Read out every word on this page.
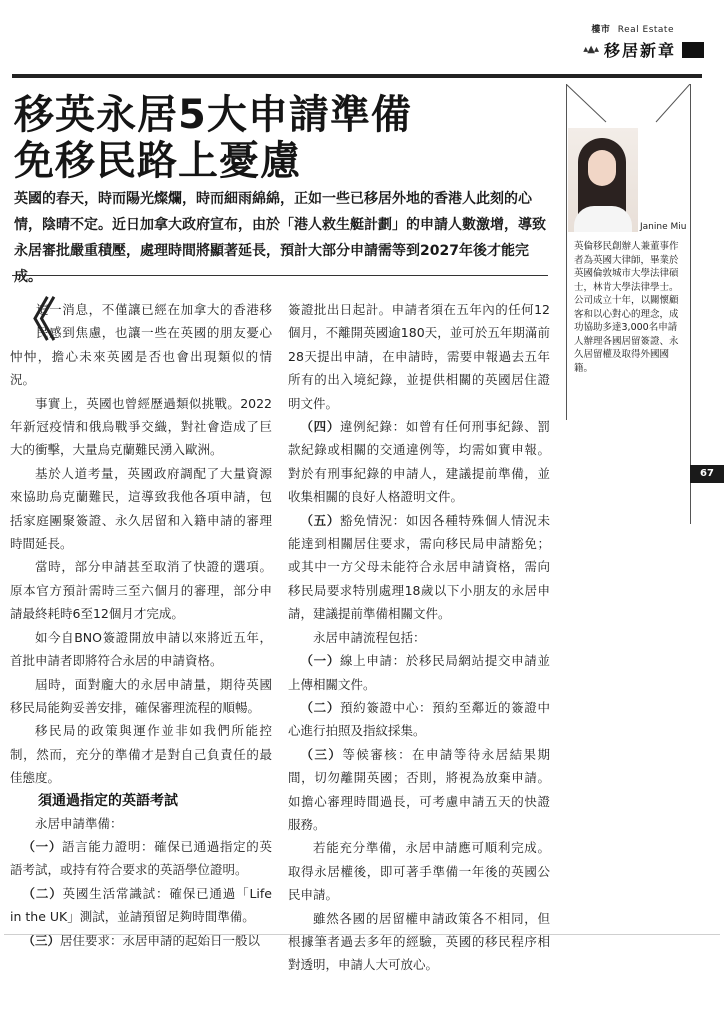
樓市 Real Estate
▴▲▴ 移居新章
移英永居5大申請準備
免移民路上憂慮
英國的春天，時而陽光燦爛，時而細雨綿綿，正如一些已移居外地的香港人此刻的心情，陰晴不定。近日加拿大政府宣布，由於「港人救生艇計劃」的申請人數激增，導致永居審批嚴重積壓，處理時間將顯著延長，預計大部分申請需等到2027年後才能完成。
Janine Miu
英倫移民創辦人兼董事作者為英國大律師，畢業於英國倫敦城市大學法律碩士，林肯大學法律學士。公司成立十年，以關懷顧客和以心對心的理念，成功協助多達3,000名申請人辦理各國居留簽證、永久居留權及取得外國國籍。
67

《
這一消息，不僅讓已經在加拿大的香港移民感到焦慮，也讓一些在英國的朋友憂心忡忡，擔心未來英國是否也會出現類似的情況。

事實上，英國也曾經歷過類似挑戰。2022年新冠疫情和俄烏戰爭交織，對社會造成了巨大的衝擊，大量烏克蘭難民湧入歐洲。

基於人道考量，英國政府調配了大量資源來協助烏克蘭難民，這導致我他各項申請，包括家庭團聚簽證、永久居留和入籍申請的審理時間延長。

當時，部分申請甚至取消了快證的選項。原本官方預計需時三至六個月的審理，部分申請最終耗時6至12個月才完成。

如今自BNO簽證開放申請以來將近五年，首批申請者即將符合永居的申請資格。

屆時，面對龐大的永居申請量，期待英國移民局能夠妥善安排，確保審理流程的順暢。

移民局的政策與運作並非如我們所能控制，然而，充分的準備才是對自己負責任的最佳態度。

須通過指定的英語考試

永居申請準備：

（一）語言能力證明：確保已通過指定的英語考試，或持有符合要求的英語學位證明。

（二）英國生活常識試：確保已通過「Life in the UK」測試，並請預留足夠時間準備。

（三）居住要求：永居申請的起始日一般以

簽證批出日起計。申請者須在五年內的任何12個月，不離開英國逾180天，並可於五年期滿前28天提出申請，在申請時，需要申報過去五年所有的出入境紀錄，並提供相關的英國居住證明文件。

（四）違例紀錄：如曾有任何刑事紀錄、罰款紀錄或相關的交通違例等，均需如實申報。對於有刑事紀錄的申請人，建議提前準備，並收集相關的良好人格證明文件。

（五）豁免情況：如因各種特殊個人情況未能達到相關居住要求，需向移民局申請豁免；或其中一方父母未能符合永居申請資格，需向移民局要求特別處理18歲以下小朋友的永居申請，建議提前準備相關文件。

永居申請流程包括：

（一）線上申請：於移民局網站提交申請並上傳相關文件。

（二）預約簽證中心：預約至鄰近的簽證中心進行拍照及指紋採集。

（三）等候審核：在申請等待永居結果期間，切勿離開英國；否則，將視為放棄申請。如擔心審理時間過長，可考慮申請五天的快證服務。

若能充分準備，永居申請應可順利完成。取得永居權後，即可著手準備一年後的英國公民申請。

雖然各國的居留權申請政策各不相同，但根據筆者過去多年的經驗，英國的移民程序相對透明，申請人大可放心。
